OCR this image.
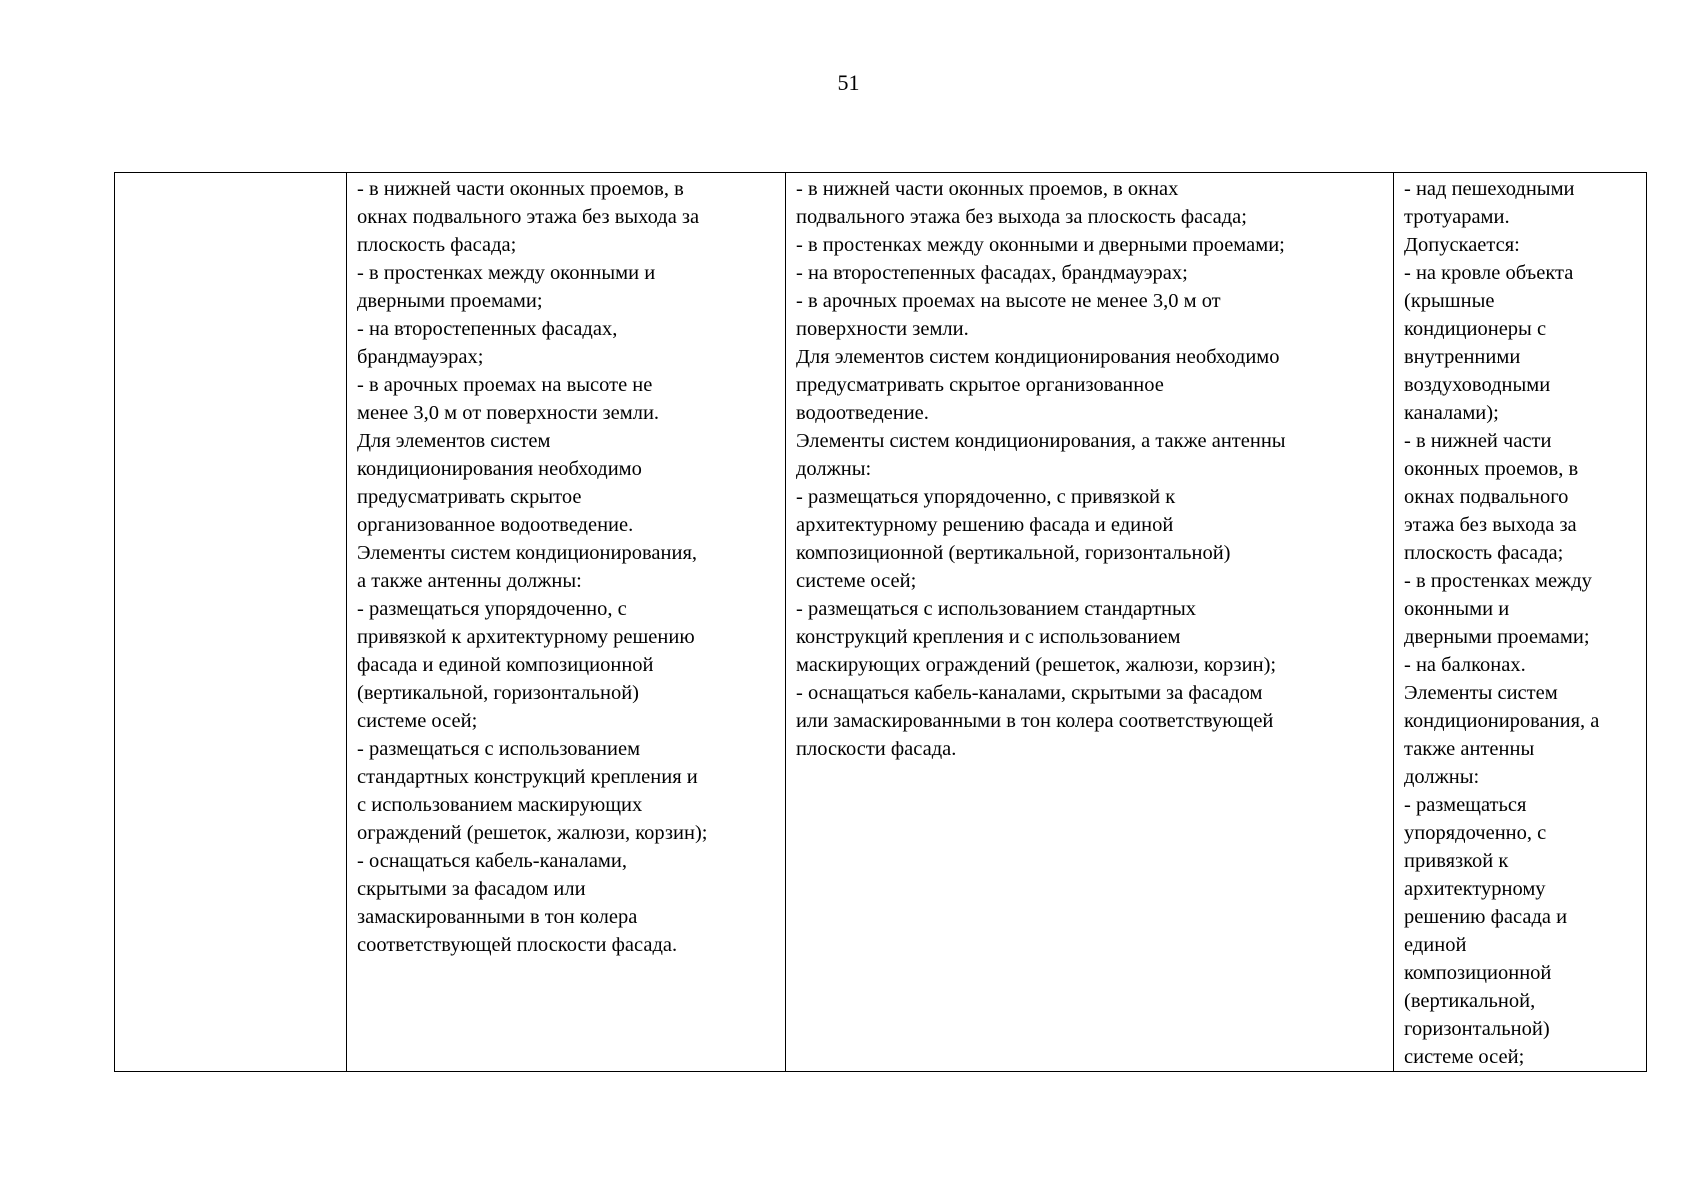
51

- в нижней части оконных проемов, в
окнах подвального этажа без выхода за
плоскость фасада;
- в простенках между оконными и
дверными проемами;
- на второстепенных фасадах,
брандмауэрах;
- в арочных проемах на высоте не
менее 3,0 м от поверхности земли.
Для элементов систем
кондиционирования необходимо
предусматривать скрытое
организованное водоотведение.
Элементы систем кондиционирования,
а также антенны должны:
- размещаться упорядоченно, с
привязкой к архитектурному решению
фасада и единой композиционной
(вертикальной, горизонтальной)
системе осей;
- размещаться с использованием
стандартных конструкций крепления и
с использованием маскирующих
ограждений (решеток, жалюзи, корзин);
- оснащаться кабель-каналами,
скрытыми за фасадом или
замаскированными в тон колера
соответствующей плоскости фасада.

- в нижней части оконных проемов, в окнах
подвального этажа без выхода за плоскость фасада;
- в простенках между оконными и дверными проемами;
- на второстепенных фасадах, брандмауэрах;
- в арочных проемах на высоте не менее 3,0 м от
поверхности земли.
Для элементов систем кондиционирования необходимо
предусматривать скрытое организованное
водоотведение.
Элементы систем кондиционирования, а также антенны
должны:
- размещаться упорядоченно, с привязкой к
архитектурному решению фасада и единой
композиционной (вертикальной, горизонтальной)
системе осей;
- размещаться с использованием стандартных
конструкций крепления и с использованием
маскирующих ограждений (решеток, жалюзи, корзин);
- оснащаться кабель-каналами, скрытыми за фасадом
или замаскированными в тон колера соответствующей
плоскости фасада.

- над пешеходными
тротуарами.
Допускается:
- на кровле объекта
(крышные
кондиционеры с
внутренними
воздуховодными
каналами);
- в нижней части
оконных проемов, в
окнах подвального
этажа без выхода за
плоскость фасада;
- в простенках между
оконными и
дверными проемами;
- на балконах.
Элементы систем
кондиционирования, а
также антенны
должны:
- размещаться
упорядоченно, с
привязкой к
архитектурному
решению фасада и
единой
композиционной
(вертикальной,
горизонтальной)
системе осей;
